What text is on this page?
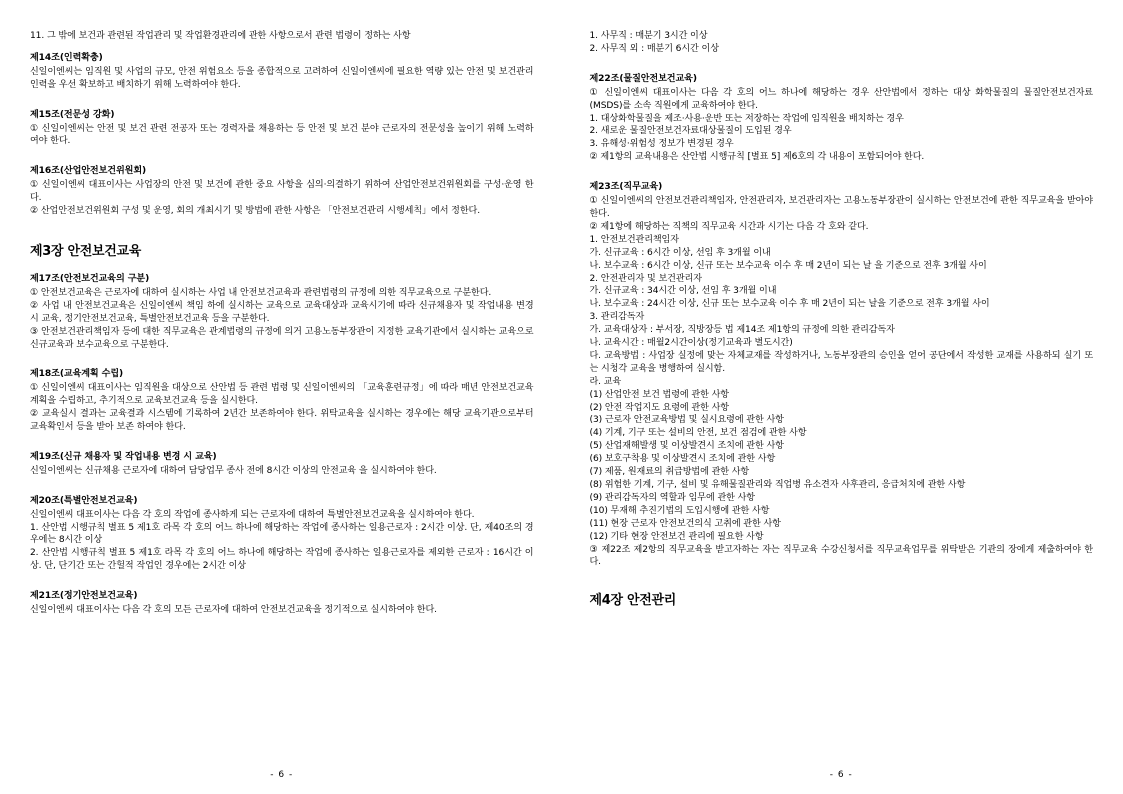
11. 그 밖에 보건과 관련된 작업관리 및 작업환경관리에 관한 사항으로서 관련 법령이 정하는 사항

제14조(인력확충)

신일이엔씨는 임직원 및 사업의 규모, 안전 위험요소 등을 종합적으로 고려하여 신일이엔씨에 필요한 역량 있는 안전 및 보건관리 인력을 우선 확보하고 배치하기 위해 노력하여야 한다.

제15조(전문성 강화)

① 신일이엔씨는 안전 및 보건 관련 전공자 또는 경력자를 채용하는 등 안전 및 보건 분야 근로자의 전문성을 높이기 위해 노력하여야 한다.

제16조(산업안전보건위원회)

① 신일이엔씨 대표이사는 사업장의 안전 및 보건에 관한 중요 사항을 심의·의결하기 위하여 산업안전보건위원회를 구성·운영 한다.

② 산업안전보건위원회 구성 및 운영, 회의 개최시기 및 방법에 관한 사항은 「안전보건관리 시행세칙」에서 정한다.

제3장 안전보건교육

제17조(안전보건교육의 구분)

① 안전보건교육은 근로자에 대하여 실시하는 사업 내 안전보건교육과 관련법령의 규정에 의한 직무교육으로 구분한다.

② 사업 내 안전보건교육은 신일이엔씨 책임 하에 실시하는 교육으로 교육대상과 교육시기에 따라 신규채용자 및 작업내용 변경 시 교육, 정기안전보건교육, 특별안전보건교육 등을 구분한다.

③ 안전보건관리책임자 등에 대한 직무교육은 관계법령의 규정에 의거 고용노동부장관이 지정한 교육기관에서 실시하는 교육으로 신규교육과 보수교육으로 구분한다.

제18조(교육계획 수립)

① 신일이엔씨 대표이사는 임직원을 대상으로 산안법 등 관련 법령 및 신일이엔씨의 「교육훈련규정」에 따라 매년 안전보건교육 계획을 수립하고, 추기적으로 교육보건교육 등을 실시한다.

② 교육실시 결과는 교육결과 시스템에 기록하여 2년간 보존하여야 한다. 위탁교육을 실시하는 경우에는 해당 교육기관으로부터 교육확인서 등을 받아 보존 하여야 한다.

제19조(신규 채용자 및 작업내용 변경 시 교육)

신일이엔씨는 신규채용 근로자에 대하여 담당업무 종사 전에 8시간 이상의 안전교육 을 실시하여야 한다.

제20조(특별안전보건교육)

신일이엔씨 대표이사는 다음 각 호의 작업에 종사하게 되는 근로자에 대하여 특별안전보건교육을 실시하여야 한다.

1. 산안법 시행규칙 별표 5 제1호 라목 각 호의 어느 하나에 해당하는 작업에 종사하는 일용근로자 : 2시간 이상. 단, 제40조의 경우에는 8시간 이상

2. 산안법 시행규칙 별표 5 제1호 라목 각 호의 어느 하나에 해당하는 작업에 종사하는 일용근로자를 제외한 근로자 : 16시간 이상. 단, 단기간 또는 간헐적 작업인 경우에는 2시간 이상

제21조(정기안전보건교육)

신일이엔씨 대표이사는 다음 각 호의 모든 근로자에 대하여 안전보건교육을 정기적으로 실시하여야 한다.

- 6 -

1. 사무직 : 매분기 3시간 이상

2. 사무직 외 : 매분기 6시간 이상

제22조(물질안전보건교육)

① 신일이엔씨 대표이사는 다음 각 호의 어느 하나에 해당하는 경우 산안법에서 정하는 대상 화학물질의 물질안전보건자료(MSDS)를 소속 직원에게 교육하여야 한다.

1. 대상화학물질을 제조·사용·운반 또는 저장하는 작업에 임직원을 배치하는 경우

2. 새로운 물질안전보건자료대상물질이 도입된 경우

3. 유해성·위험성 정보가 변경된 경우

② 제1항의 교육내용은 산안법 시행규칙 [별표 5] 제6호의 각 내용이 포함되어야 한다.

제23조(직무교육)

① 신일이엔씨의 안전보건관리책임자, 안전관리자, 보건관리자는 고용노동부장관이 실시하는 안전보건에 관한 직무교육을 받아야 한다.

② 제1항에 해당하는 직책의 직무교육 시간과 시기는 다음 각 호와 같다.

1. 안전보건관리책임자

가. 신규교육 : 6시간 이상, 선임 후 3개월 이내

나. 보수교육 : 6시간 이상, 신규 또는 보수교육 이수 후 매 2년이 되는 날 을 기준으로 전후 3개월 사이

2. 안전관리자 및 보건관리자

가. 신규교육 : 34시간 이상, 선임 후 3개월 이내

나. 보수교육 : 24시간 이상, 신규 또는 보수교육 이수 후 매 2년이 되는 날을 기준으로 전후 3개월 사이

3. 관리감독자

가. 교육대상자 : 부서장, 직방장등 법 제14조 제1항의 규정에 의한 관리감독자

나. 교육시간 : 매월2시간이상(정기교육과 별도시간)

다. 교육방법 : 사업장 실정에 맞는 자체교재를 작성하거나, 노동부장관의 승인을 얻어 공단에서 작성한 교재를 사용하되 실기 또는 시청각 교육을 병행하여 실시함.

라. 교육

(1) 산업안전 보건 법령에 관한 사항

(2) 안전 작업지도 요령에 관한 사항

(3) 근로자 안전교육방법 및 실시요령에 관한 사항

(4) 기계, 기구 또는 설비의 안전, 보건 점검에 관한 사항

(5) 산업재해발생 및 이상발견시 조치에 관한 사항

(6) 보호구착용 및 이상발견시 조치에 관한 사항

(7) 제품, 원재료의 취급방법에 관한 사항

(8) 위험한 기계, 기구, 설비 및 유해물질관리와 직업병 유소견자 사후관리, 응급처치에 관한 사항

(9) 관리감독자의 역할과 임무에 관한 사항

(10) 무재해 추진기법의 도입시행에 관한 사항

(11) 현장 근로자 안전보건의식 고취에 관한 사항

(12) 기타 현장 안전보건 관리에 필요한 사항

③ 제22조 제2항의 직무교육을 받고자하는 자는 직무교육 수강신청서를 직무교육업무를 위탁받은 기관의 장에게 제출하여야 한다.

제4장 안전관리

- 6 -
